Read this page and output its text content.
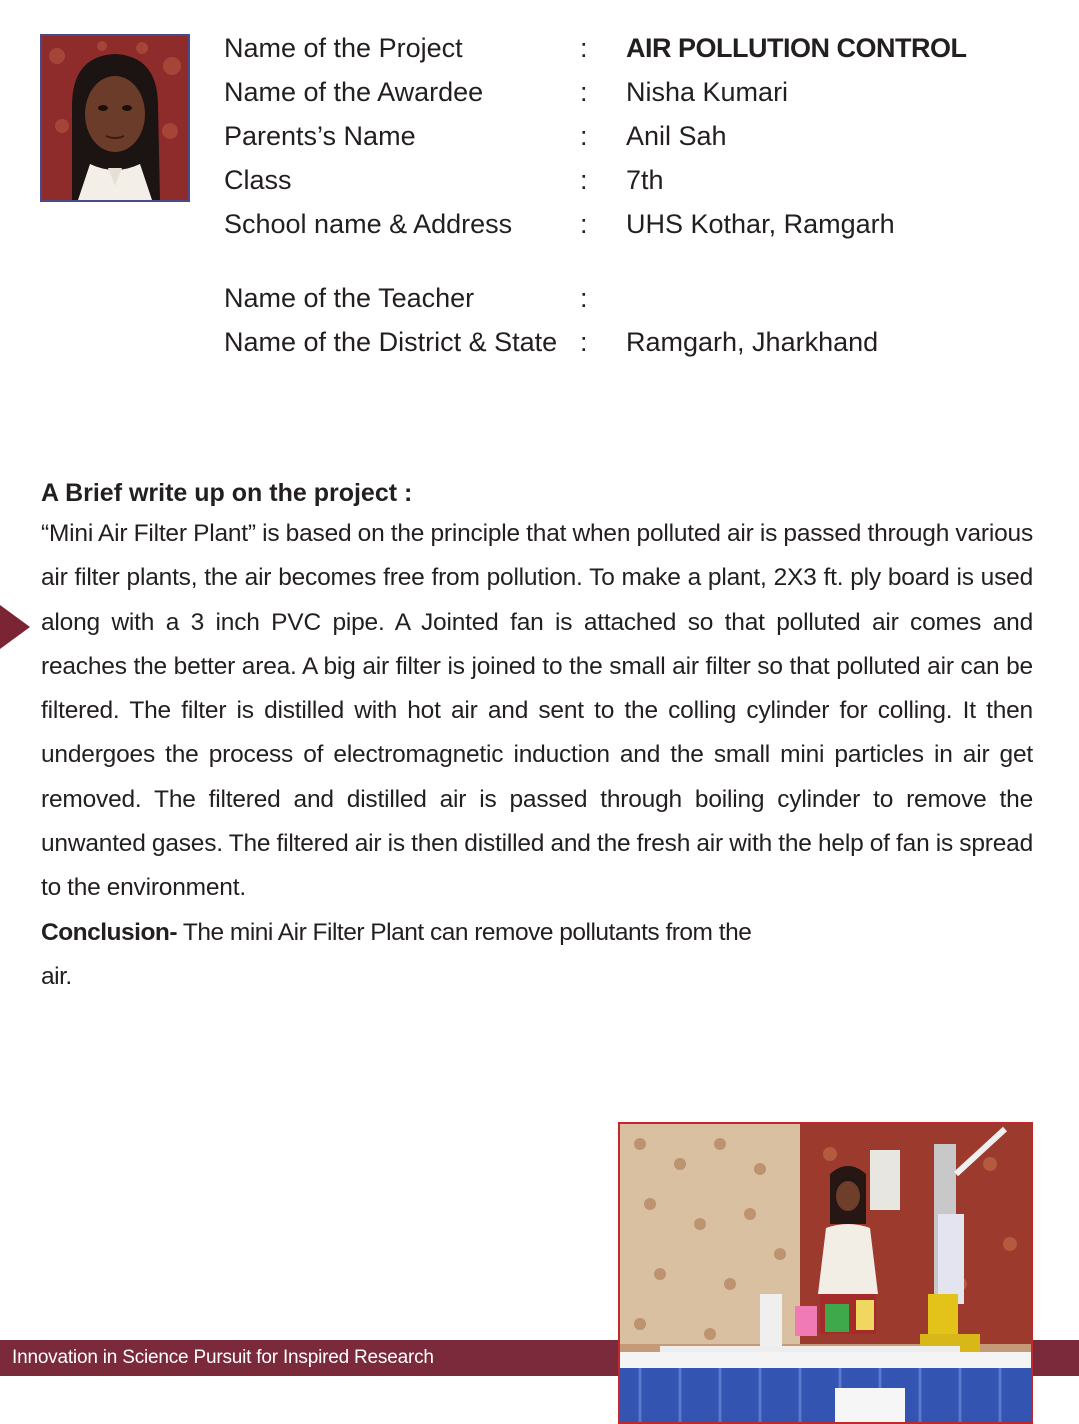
Name of the Project	: AIR POLLUTION CONTROL
Name of the Awardee	: Nisha Kumari
Parents’s Name	: Anil Sah
Class	: 7th
School name & Address	: UHS Kothar, Ramgarh
Name of the Teacher	:
Name of the District & State : Ramgarh, Jharkhand

A Brief write up on the project :

“Mini Air Filter Plant” is based on the principle that when polluted air is passed through various air filter plants, the air becomes free from pollution. To make a plant, 2X3 ft. ply board is used along with a 3 inch PVC pipe. A Jointed fan is attached so that polluted air comes and reaches the better area. A big air filter is joined to the small air filter so that polluted air can be filtered. The filter is distilled with hot air and sent to the colling cylinder for colling. It then undergoes the process of electromagnetic induction and the small mini particles in air get removed. The filtered and distilled air is passed through boiling cylinder to remove the unwanted gases. The filtered air is then distilled and the fresh air with the help of fan is spread to the environment.

Conclusion- The mini Air Filter Plant can remove pollutants from the air.

Innovation in Science Pursuit for Inspired Research
